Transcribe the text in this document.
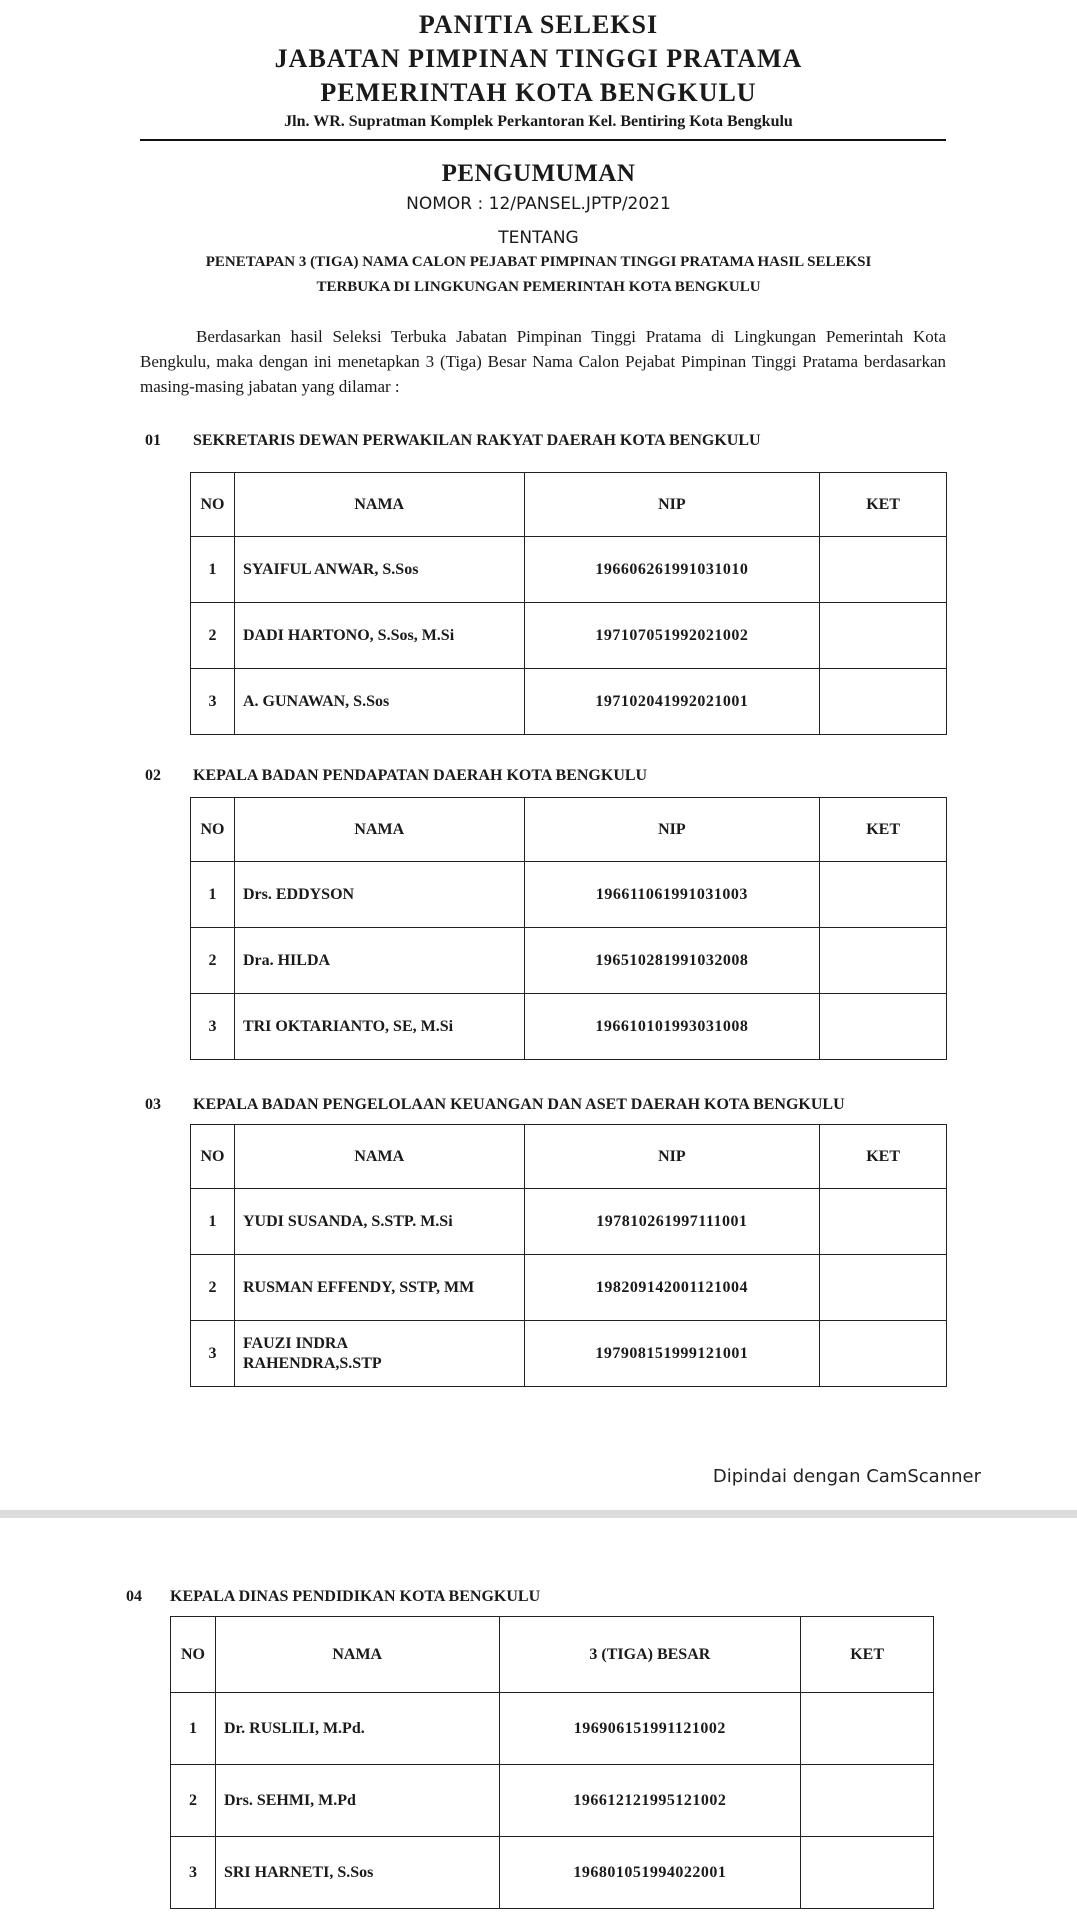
PANITIA SELEKSI
JABATAN PIMPINAN TINGGI PRATAMA
PEMERINTAH KOTA BENGKULU
Jln. WR. Supratman Komplek Perkantoran Kel. Bentiring Kota Bengkulu
PENGUMUMAN
NOMOR : 12/PANSEL.JPTP/2021
TENTANG
PENETAPAN 3 (TIGA) NAMA CALON PEJABAT PIMPINAN TINGGI PRATAMA HASIL SELEKSI
TERBUKA DI LINGKUNGAN PEMERINTAH KOTA BENGKULU
Berdasarkan hasil Seleksi Terbuka Jabatan Pimpinan Tinggi Pratama di Lingkungan Pemerintah Kota Bengkulu, maka dengan ini menetapkan 3 (Tiga) Besar Nama Calon Pejabat Pimpinan Tinggi Pratama berdasarkan masing-masing jabatan yang dilamar :
01 SEKRETARIS DEWAN PERWAKILAN RAKYAT DAERAH KOTA BENGKULU
NO	NAMA	NIP	KET
1	SYAIFUL ANWAR, S.Sos	196606261991031010	
2	DADI HARTONO, S.Sos, M.Si	197107051992021002	
3	A. GUNAWAN, S.Sos	197102041992021001	
02 KEPALA BADAN PENDAPATAN DAERAH KOTA BENGKULU
NO	NAMA	NIP	KET
1	Drs. EDDYSON	196611061991031003	
2	Dra. HILDA	196510281991032008	
3	TRI OKTARIANTO, SE, M.Si	196610101993031008	
03 KEPALA BADAN PENGELOLAAN KEUANGAN DAN ASET DAERAH KOTA BENGKULU
NO	NAMA	NIP	KET
1	YUDI SUSANDA, S.STP. M.Si	197810261997111001	
2	RUSMAN EFFENDY, SSTP, MM	198209142001121004	
3	FAUZI INDRA
RAHENDRA,S.STP	197908151999121001	
Dipindai dengan CamScanner
04 KEPALA DINAS PENDIDIKAN KOTA BENGKULU
NO	NAMA	3 (TIGA) BESAR	KET
1	Dr. RUSLILI, M.Pd.	196906151991121002	
2	Drs. SEHMI, M.Pd	196612121995121002	
3	SRI HARNETI, S.Sos	196801051994022001	
